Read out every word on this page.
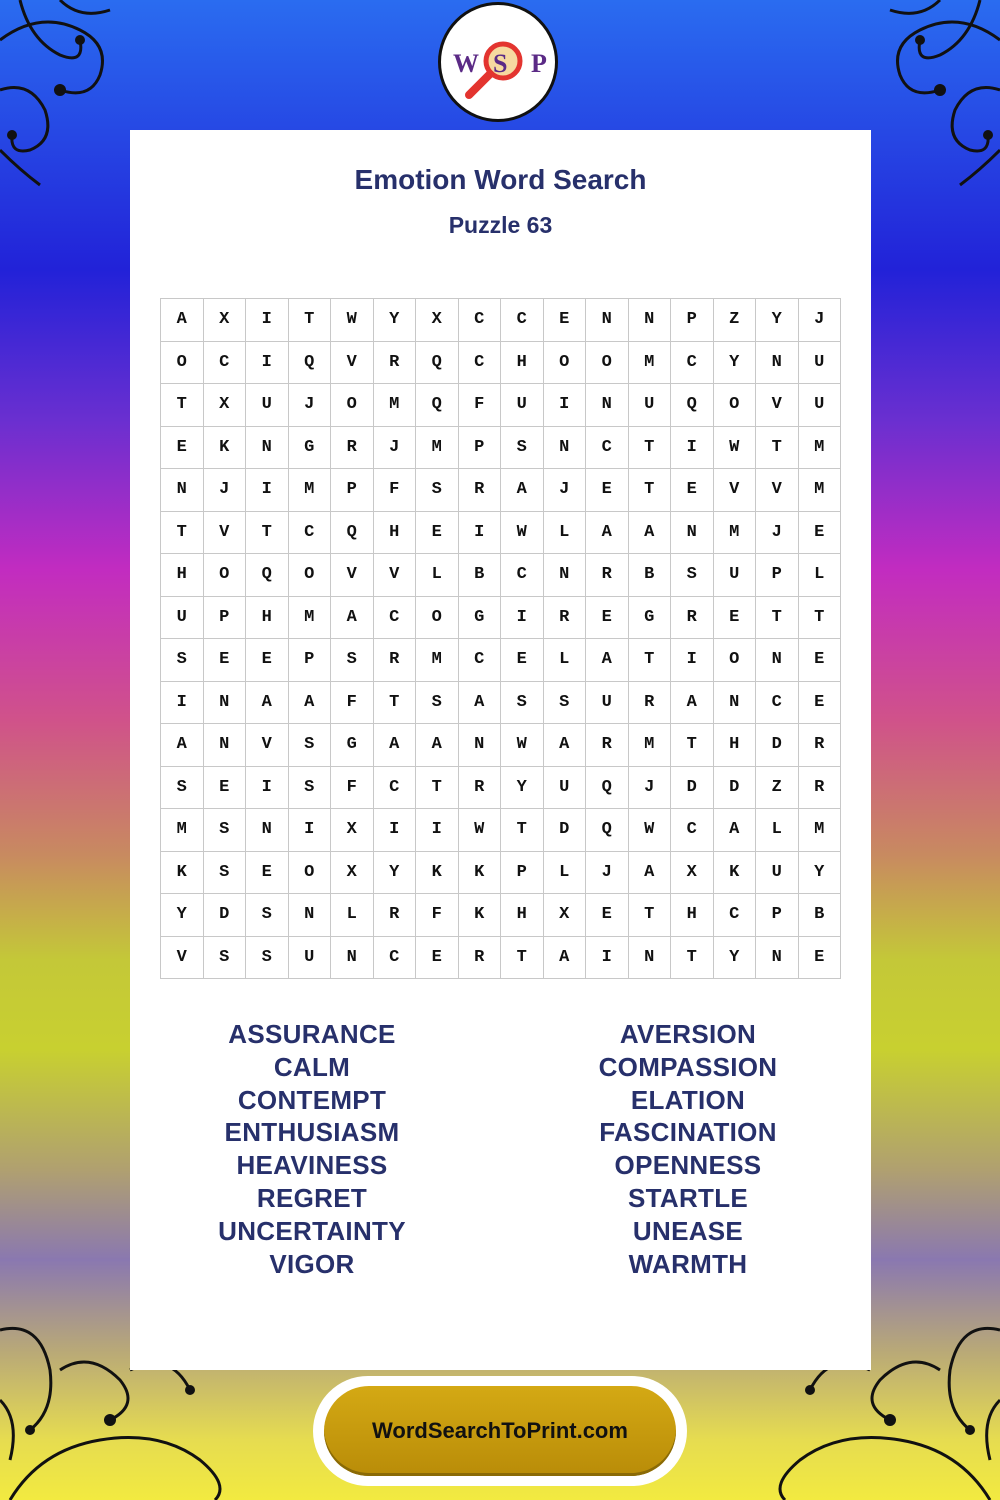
W S P
Emotion Word Search
Puzzle 63
A	X	I	T	W	Y	X	C	C	E	N	N	P	Z	Y	J
O	C	I	Q	V	R	Q	C	H	O	O	M	C	Y	N	U
T	X	U	J	O	M	Q	F	U	I	N	U	Q	O	V	U
E	K	N	G	R	J	M	P	S	N	C	T	I	W	T	M
N	J	I	M	P	F	S	R	A	J	E	T	E	V	V	M
T	V	T	C	Q	H	E	I	W	L	A	A	N	M	J	E
H	O	Q	O	V	V	L	B	C	N	R	B	S	U	P	L
U	P	H	M	A	C	O	G	I	R	E	G	R	E	T	T
S	E	E	P	S	R	M	C	E	L	A	T	I	O	N	E
I	N	A	A	F	T	S	A	S	S	U	R	A	N	C	E
A	N	V	S	G	A	A	N	W	A	R	M	T	H	D	R
S	E	I	S	F	C	T	R	Y	U	Q	J	D	D	Z	R
M	S	N	I	X	I	I	W	T	D	Q	W	C	A	L	M
K	S	E	O	X	Y	K	K	P	L	J	A	X	K	U	Y
Y	D	S	N	L	R	F	K	H	X	E	T	H	C	P	B
V	S	S	U	N	C	E	R	T	A	I	N	T	Y	N	E
ASSURANCE
CALM
CONTEMPT
ENTHUSIASM
HEAVINESS
REGRET
UNCERTAINTY
VIGOR
AVERSION
COMPASSION
ELATION
FASCINATION
OPENNESS
STARTLE
UNEASE
WARMTH
WordSearchToPrint.com
